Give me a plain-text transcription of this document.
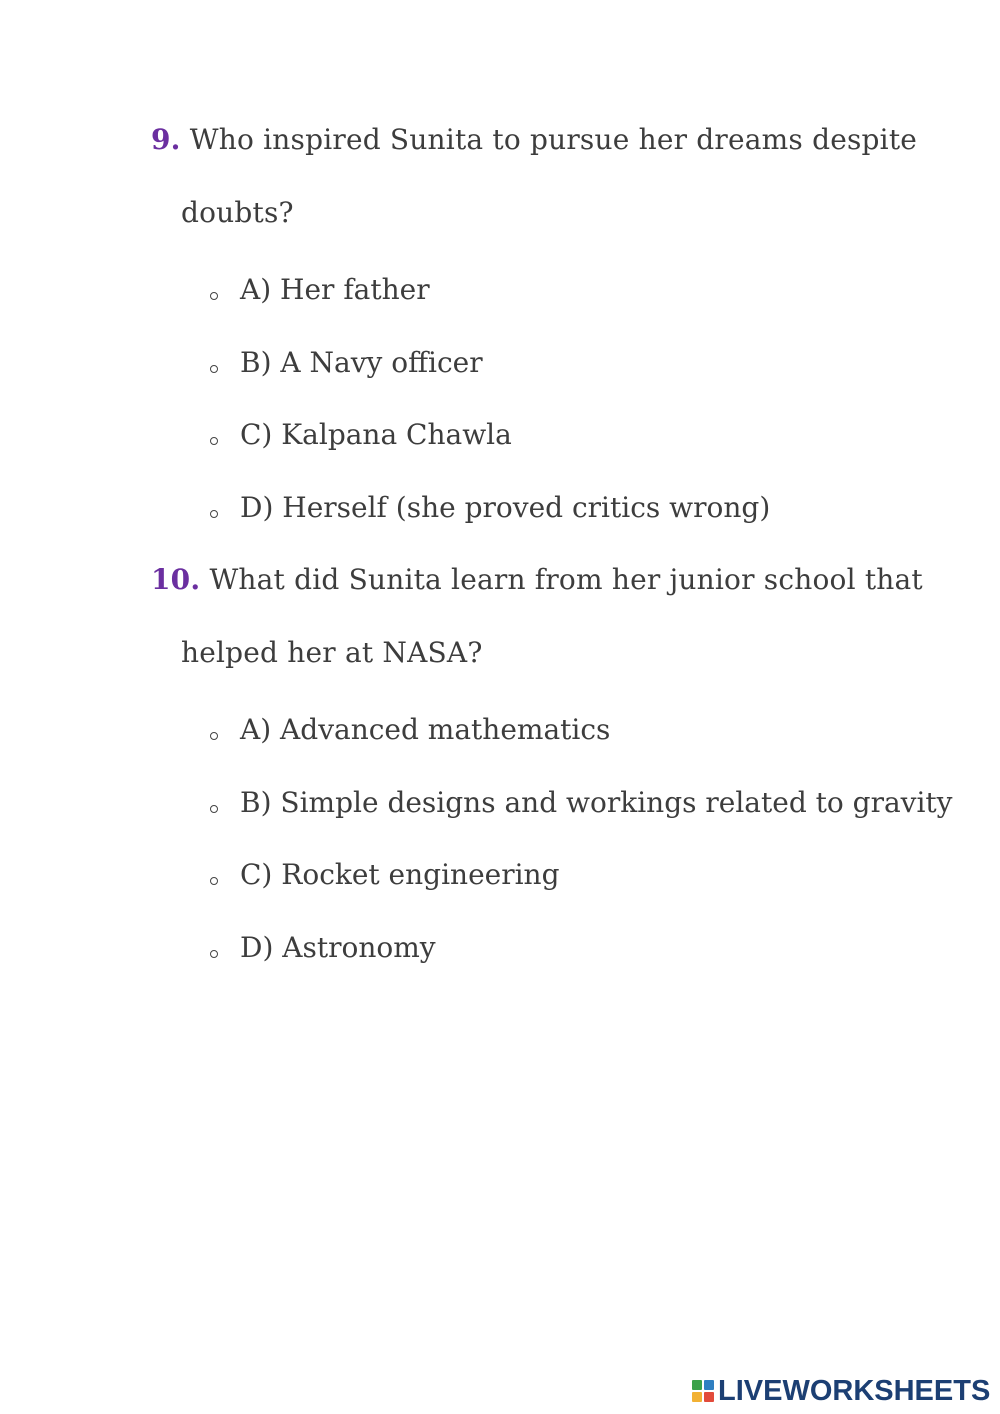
9. Who inspired Sunita to pursue her dreams despite
doubts?
A) Her father
B) A Navy officer
C) Kalpana Chawla
D) Herself (she proved critics wrong)
10. What did Sunita learn from her junior school that
helped her at NASA?
A) Advanced mathematics
B) Simple designs and workings related to gravity
C) Rocket engineering
D) Astronomy
LIVEWORKSHEETS
